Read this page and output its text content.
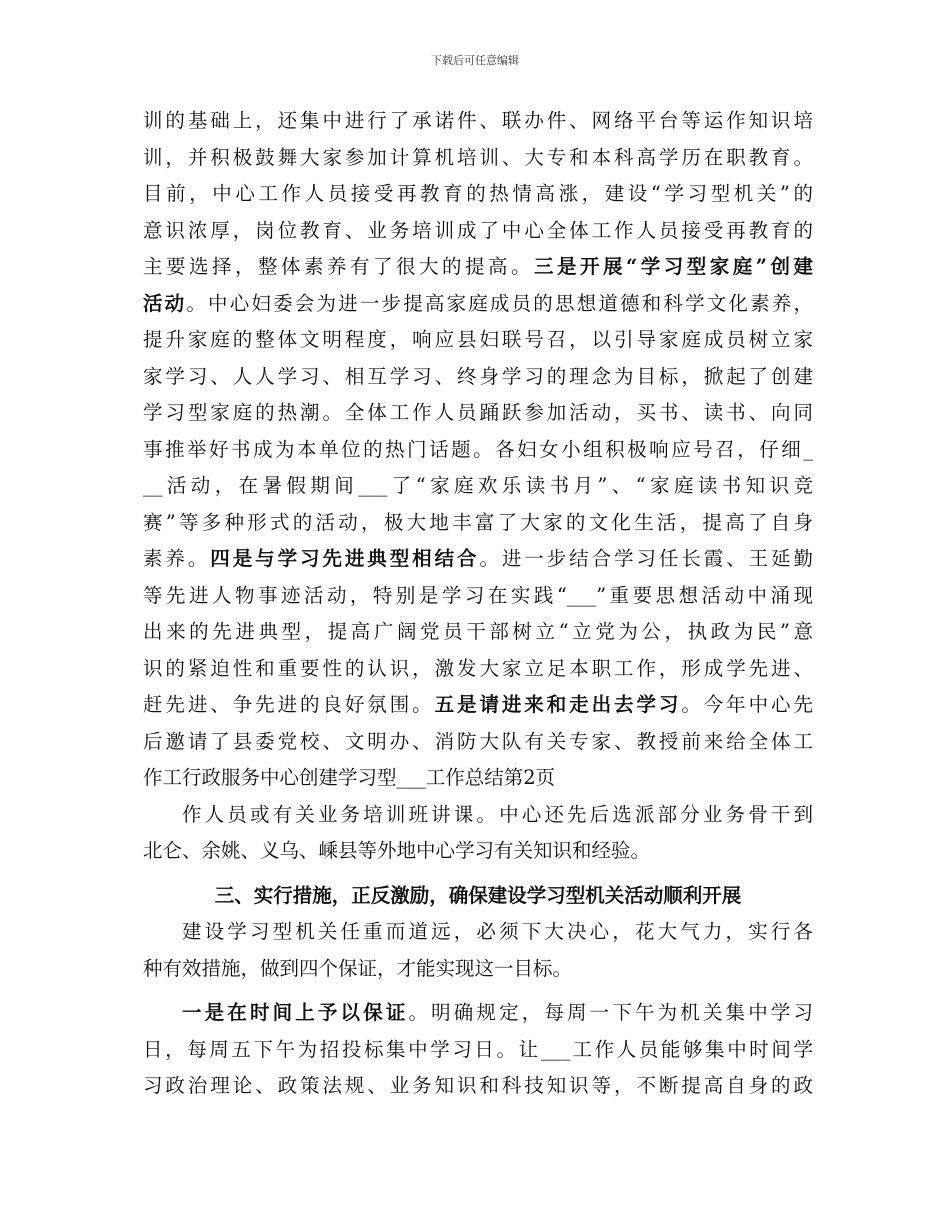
下载后可任意编辑
训的基础上，还集中进行了承诺件、联办件、网络平台等运作知识培
训，并积极鼓舞大家参加计算机培训、大专和本科高学历在职教育。
目前，中心工作人员接受再教育的热情高涨，建设“学习型机关”的
意识浓厚，岗位教育、业务培训成了中心全体工作人员接受再教育的
主要选择，整体素养有了很大的提高。三是开展“学习型家庭”创建
活动。中心妇委会为进一步提高家庭成员的思想道德和科学文化素养，
提升家庭的整体文明程度，响应县妇联号召，以引导家庭成员树立家
家学习、人人学习、相互学习、终身学习的理念为目标，掀起了创建
学习型家庭的热潮。全体工作人员踊跃参加活动，买书、读书、向同
事推举好书成为本单位的热门话题。各妇女小组积极响应号召，仔细_
__活动，在暑假期间___了“家庭欢乐读书月”、“家庭读书知识竞
赛”等多种形式的活动，极大地丰富了大家的文化生活，提高了自身
素养。四是与学习先进典型相结合。进一步结合学习任长霞、王延勤
等先进人物事迹活动，特别是学习在实践“___”重要思想活动中涌现
出来的先进典型，提高广阔党员干部树立“立党为公，执政为民”意
识的紧迫性和重要性的认识，激发大家立足本职工作，形成学先进、
赶先进、争先进的良好氛围。五是请进来和走出去学习。今年中心先
后邀请了县委党校、文明办、消防大队有关专家、教授前来给全体工
作工行政服务中心创建学习型___工作总结第2页
作人员或有关业务培训班讲课。中心还先后选派部分业务骨干到
北仑、余姚、义乌、嵊县等外地中心学习有关知识和经验。
三、实行措施，正反激励，确保建设学习型机关活动顺利开展
建设学习型机关任重而道远，必须下大决心，花大气力，实行各
种有效措施，做到四个保证，才能实现这一目标。
一是在时间上予以保证。明确规定，每周一下午为机关集中学习
日，每周五下午为招投标集中学习日。让___工作人员能够集中时间学
习政治理论、政策法规、业务知识和科技知识等，不断提高自身的政
